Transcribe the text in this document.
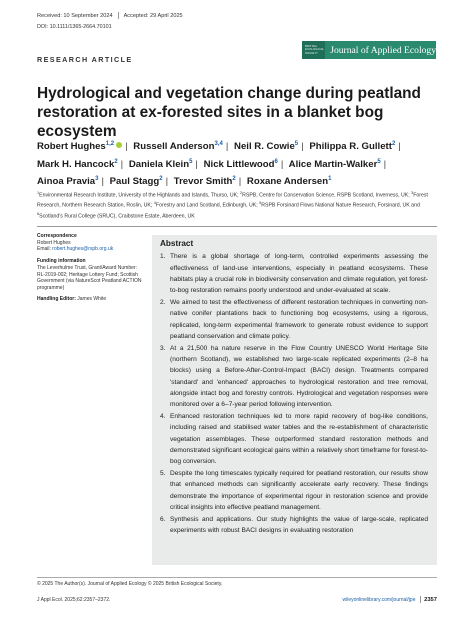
Received: 10 September 2024 Accepted: 29 April 2025
DOI: 10.1111/1365-2664.70101
BRITISH
ECOLOGICAL
SOCIETY	Journal of Applied Ecology
RESEARCH ARTICLE
Hydrological and vegetation change during peatland restoration at ex-forested sites in a blanket bog ecosystem
Robert Hughes$^{1,2}$ | Russell Anderson$^{3,4}$ | Neil R. Cowie$^5$ | Philippa R. Gullett$^2$ | Mark H. Hancock$^2$ | Daniela Klein$^5$ | Nick Littlewood$^6$ | Alice Martin-Walker$^5$ | Ainoa Pravia$^3$ | Paul Stagg$^2$ | Trevor Smith$^2$ | Roxane Andersen$^1$
$^1$Environmental Research Institute, University of the Highlands and Islands, Thurso, UK; $^2$RSPB, Centre for Conservation Science, RSPB Scotland, Inverness, UK; $^3$Forest Research, Northern Research Station, Roslin, UK; $^4$Forestry and Land Scotland, Edinburgh, UK; $^5$RSPB Forsinard Flows National Nature Research, Forsinard, UK and $^6$Scotland's Rural College (SRUC), Craibstone Estate, Aberdeen, UK
Correspondence
Robert Hughes
Email: robert.hughes@rspb.org.uk
Funding information
The Leverhulme Trust, Grant/Award Number: RL-2019-002; Heritage Lottery Fund; Scottish Government (via NatureScot Peatland ACTION programme)
Handling Editor: James White
Abstract
1. There is a global shortage of long-term, controlled experiments assessing the effectiveness of land-use interventions, especially in peatland ecosystems. These habitats play a crucial role in biodiversity conservation and climate regulation, yet forest-to-bog restoration remains poorly understood and under-evaluated at scale.
2. We aimed to test the effectiveness of different restoration techniques in converting non-native conifer plantations back to functioning bog ecosystems, using a rigorous, replicated, long-term experimental framework to generate robust evidence to support peatland conservation and climate policy.
3. At a 21,500 ha nature reserve in the Flow Country UNESCO World Heritage Site (northern Scotland), we established two large-scale replicated experiments (2–8 ha blocks) using a Before-After-Control-Impact (BACI) design. Treatments compared 'standard' and 'enhanced' approaches to hydrological restoration and tree removal, alongside intact bog and forestry controls. Hydrological and vegetation responses were monitored over a 6–7-year period following intervention.
4. Enhanced restoration techniques led to more rapid recovery of bog-like conditions, including raised and stabilised water tables and the re-establishment of characteristic vegetation assemblages. These outperformed standard restoration methods and demonstrated significant ecological gains within a relatively short timeframe for forest-to-bog conversion.
5. Despite the long timescales typically required for peatland restoration, our results show that enhanced methods can significantly accelerate early recovery. These findings demonstrate the importance of experimental rigour in restoration science and provide critical insights into effective peatland management.
6. Synthesis and applications. Our study highlights the value of large-scale, replicated experiments with robust BACI designs in evaluating restoration
© 2025 The Author(s). Journal of Applied Ecology © 2025 British Ecological Society.
J Appl Ecol. 2025;62:2357–2372.	wileyonlinelibrary.com/journal/jpe 2357
